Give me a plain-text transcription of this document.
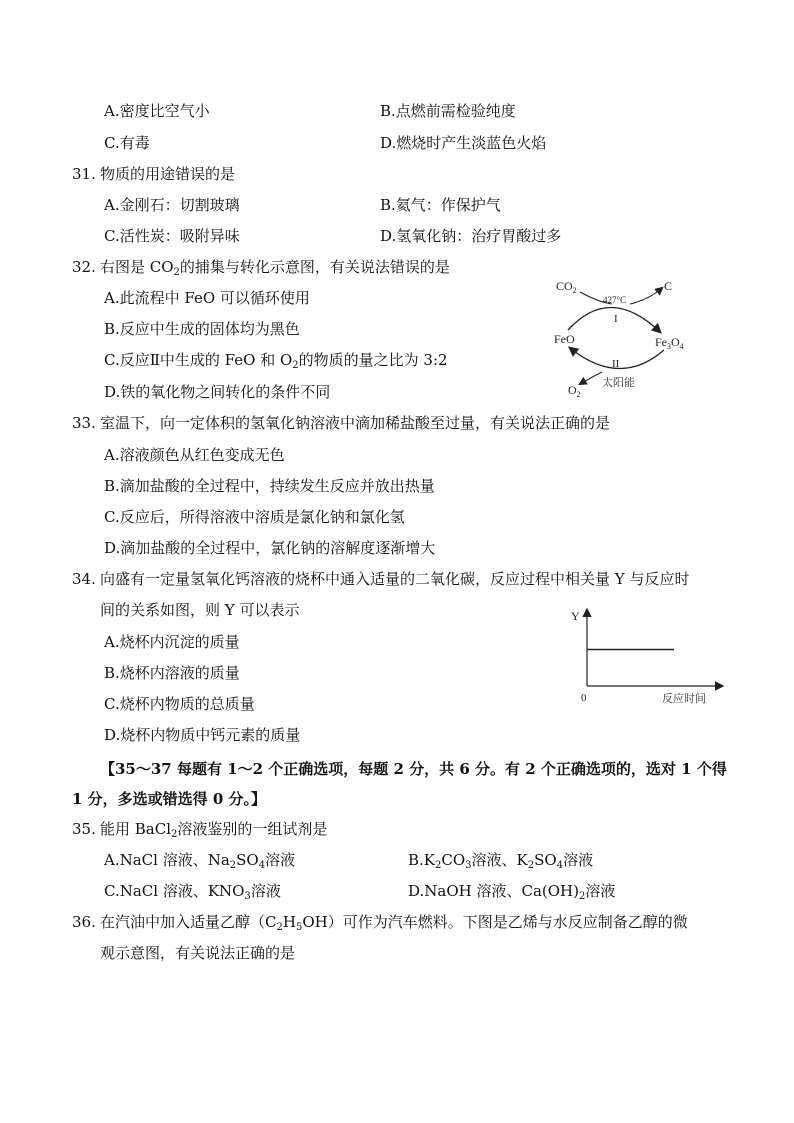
A.密度比空气小	B.点燃前需检验纯度
C.有毒	D.燃烧时产生淡蓝色火焰
31. 物质的用途错误的是
A.金刚石：切割玻璃	B.氦气：作保护气
C.活性炭：吸附异味	D.氢氧化钠：治疗胃酸过多
32. 右图是 $CO_2$的捕集与转化示意图，有关说法错误的是
A.此流程中 FeO 可以循环使用
B.反应中生成的固体均为黑色
C.反应Ⅱ中生成的 FeO 和 $O_2$的物质的量之比为 3:2
D.铁的氧化物之间转化的条件不同
$CO_2$	C
427°C
I
FeO	$Fe_3O_4$
II
$O_2$
太阳能
33. 室温下，向一定体积的氢氧化钠溶液中滴加稀盐酸至过量，有关说法正确的是
A.溶液颜色从红色变成无色
B.滴加盐酸的全过程中，持续发生反应并放出热量
C.反应后，所得溶液中溶质是氯化钠和氯化氢
D.滴加盐酸的全过程中，氯化钠的溶解度逐渐增大
34. 向盛有一定量氢氧化钙溶液的烧杯中通入适量的二氧化碳，反应过程中相关量 Y 与反应时
间的关系如图，则 Y 可以表示
A.烧杯内沉淀的质量
B.烧杯内溶液的质量
C.烧杯内物质的总质量
D.烧杯内物质中钙元素的质量
Y
0	反应时间
【35～37 每题有 1～2 个正确选项，每题 2 分，共 6 分。有 2 个正确选项的，选对 1 个得
1 分，多选或错选得 0 分。】
35. 能用 BaCl$_2$溶液鉴别的一组试剂是
A.NaCl 溶液、$Na_2SO_4$溶液	$B.K_2CO_3$溶液、$K_2SO_4$溶液
C.NaCl 溶液、$KNO_3$溶液	D.NaOH 溶液、$Ca(OH)_2$溶液
36. 在汽油中加入适量乙醇$(C_2H_5OH)$可作为汽车燃料。下图是乙烯与水反应制备乙醇的微
观示意图，有关说法正确的是
